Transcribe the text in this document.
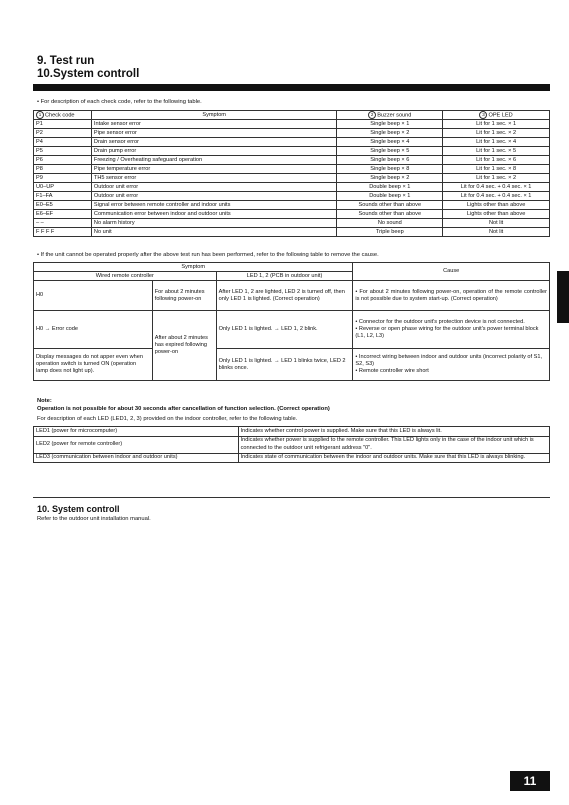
9. Test run
10.System controll
• For description of each check code, refer to the following table.
1 Check code	Symptom	2 Buzzer sound	3 OPE LED
P1	Intake sensor error	Single beep × 1	Lit for 1 sec. × 1
P2	Pipe sensor error	Single beep × 2	Lit for 1 sec. × 2
P4	Drain sensor error	Single beep × 4	Lit for 1 sec. × 4
P5	Drain pump error	Single beep × 5	Lit for 1 sec. × 5
P6	Freezing / Overheating safeguard operation	Single beep × 6	Lit for 1 sec. × 6
P8	Pipe temperature error	Single beep × 8	Lit for 1 sec. × 8
P9	TH5 sensor error	Single beep × 2	Lit for 1 sec. × 2
U0–UP	Outdoor unit error	Double beep × 1	Lit for 0.4 sec. + 0.4 sec. × 1
F1–FA	Outdoor unit error	Double beep × 1	Lit for 0.4 sec. + 0.4 sec. × 1
E0–E5	Signal error between remote controller and indoor units	Sounds other than above	Lights other than above
E6–EF	Communication error between indoor and outdoor units	Sounds other than above	Lights other than above
– –	No alarm history	No sound	Not lit
F F F F	No unit	Triple beep	Not lit
• If the unit cannot be operated properly after the above test run has been performed, refer to the following table to remove the cause.
Symptom			Cause
Wired remote controller		LED 1, 2 (PCB in outdoor unit)	
H0	For about 2 minutes following power-on	After LED 1, 2 are lighted, LED 2 is turned off, then only LED 1 is lighted. (Correct operation)	• For about 2 minutes following power-on, operation of the remote controller is not possible due to system start-up. (Correct operation)
H0 → Error code	After about 2 minutes has expired following power-on	Only LED 1 is lighted. → LED 1, 2 blink.	• Connector for the outdoor unit's protection device is not connected.
• Reverse or open phase wiring for the outdoor unit's power terminal block (L1, L2, L3)

Display messages do not apper even when operation switch is turned ON (operation lamp does not light up).		Only LED 1 is lighted. → LED 1 blinks twice, LED 2 blinks once.	• Incorrect wiring between indoor and outdoor units (incorrect polarity of S1, S2, S3)
• Remote controller wire short
Note:
Operation is not possible for about 30 seconds after cancellation of function selection. (Correct operation)
For description of each LED (LED1, 2, 3) provided on the indoor controller, refer to the following table.
LED1 (power for microcomputer)	Indicates whether control power is supplied. Make sure that this LED is always lit.
LED2 (power for remote controller)	Indicates whether power is supplied to the remote controller. This LED lights only in the case of the indoor unit which is connected to the outdoor unit refrigerant address "0".
LED3 (communication between indoor and outdoor units)	Indicates state of communication between the indoor and outdoor units. Make sure that this LED is always blinking.
10. System controll
Refer to the outdoor unit installation manual.
11
